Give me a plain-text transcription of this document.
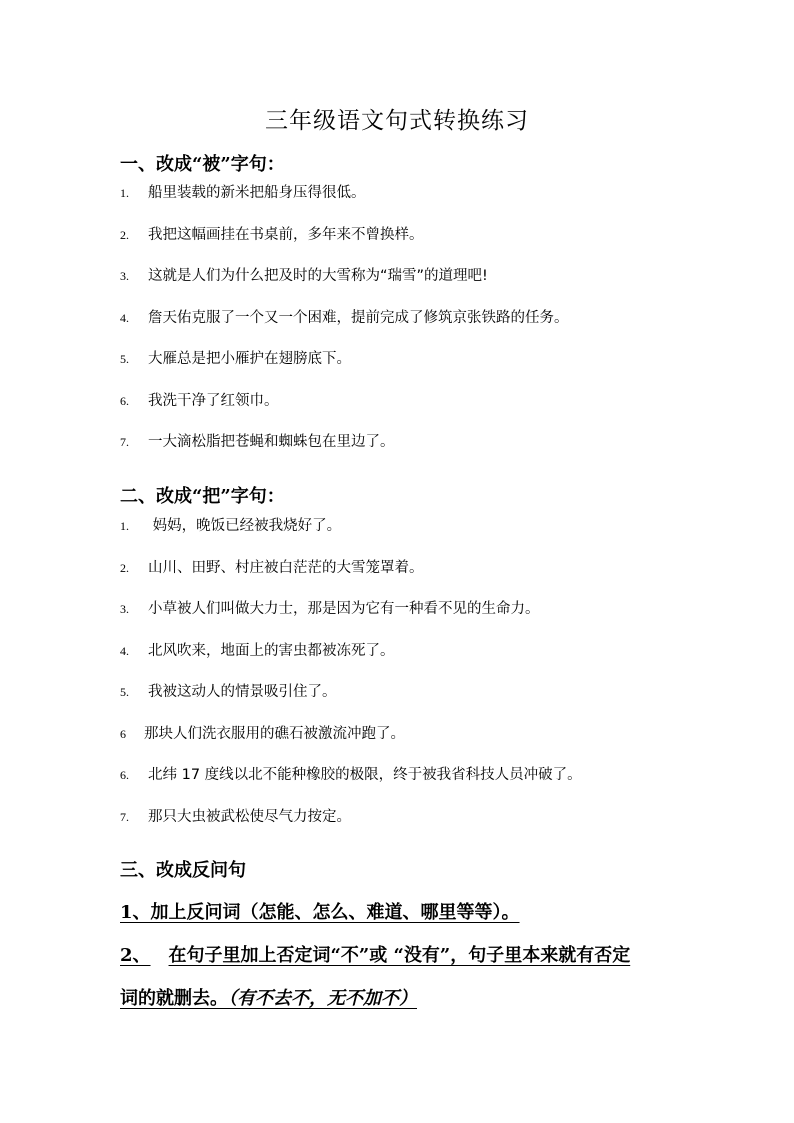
三年级语文句式转换练习
一、改成“被”字句：
1. 船里装载的新米把船身压得很低。
2. 我把这幅画挂在书桌前，多年来不曾换样。
3. 这就是人们为什么把及时的大雪称为“瑞雪”的道理吧!
4. 詹天佑克服了一个又一个困难，提前完成了修筑京张铁路的任务。
5. 大雁总是把小雁护在翅膀底下。
6. 我洗干净了红领巾。
7. 一大滴松脂把苍蝇和蜘蛛包在里边了。
二、改成“把”字句：
1. 妈妈，晚饭已经被我烧好了。
2. 山川、田野、村庄被白茫茫的大雪笼罩着。
3. 小草被人们叫做大力士，那是因为它有一种看不见的生命力。
4. 北风吹来，地面上的害虫都被冻死了。
5. 我被这动人的情景吸引住了。
6 那块人们洗衣服用的礁石被激流冲跑了。
6. 北纬 17 度线以北不能种橡胶的极限，终于被我省科技人员冲破了。
7. 那只大虫被武松使尽气力按定。
三、改成反问句
1、加上反问词（怎能、怎么、难道、哪里等等）。
2、 在句子里加上否定词“不”或 “没有”，句子里本来就有否定
词的就删去。（有不去不，无不加不）
